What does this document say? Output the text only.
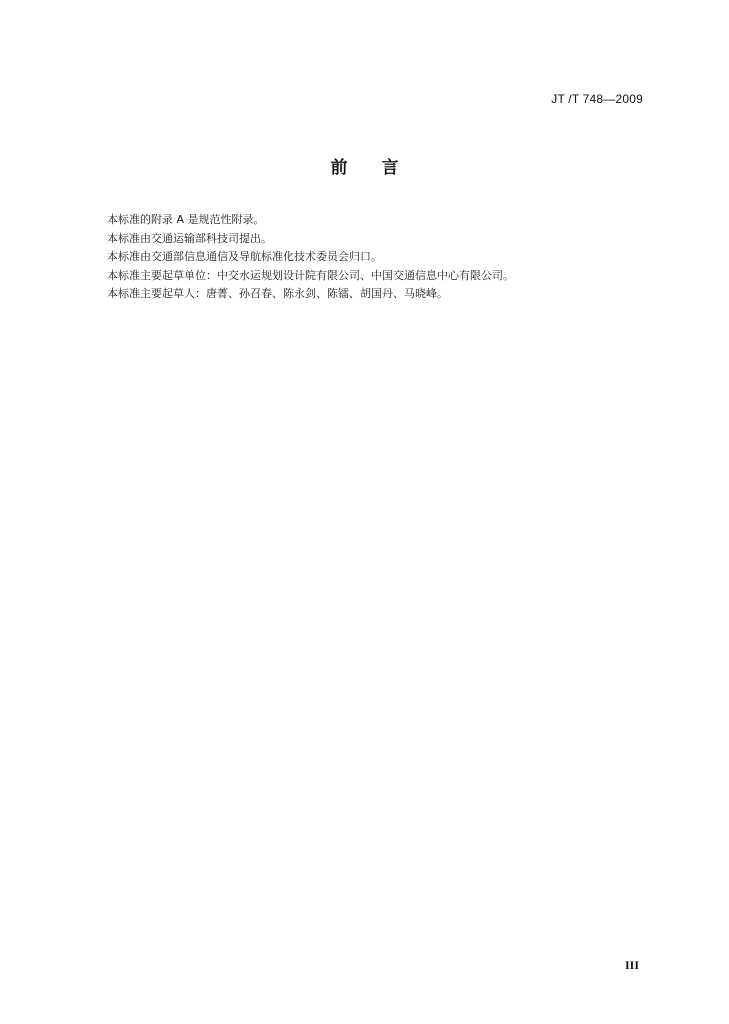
JT /T 748—2009
前　　言
本标准的附录 A 是规范性附录。
本标准由交通运输部科技司提出。
本标准由交通部信息通信及导航标准化技术委员会归口。
本标准主要起草单位：中交水运规划设计院有限公司、中国交通信息中心有限公司。
本标准主要起草人：唐菁、孙召春、陈永剑、陈镭、胡国丹、马晓峰。
III
